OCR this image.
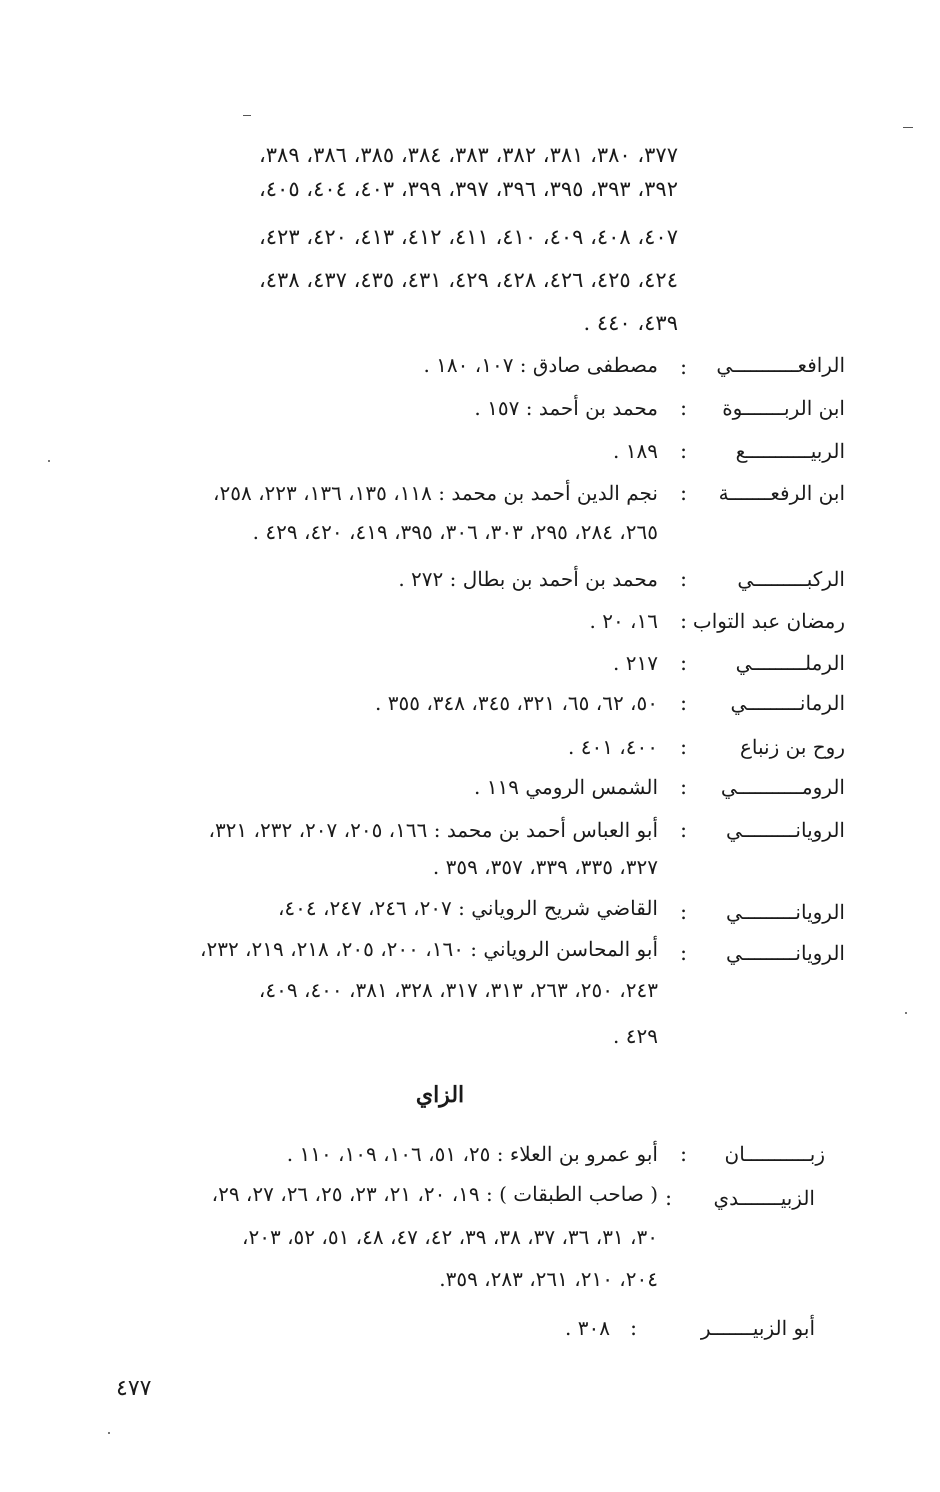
٣٧٧، ٣٨٠، ٣٨١، ٣٨٢، ٣٨٣، ٣٨٤، ٣٨٥، ٣٨٦، ٣٨٩،
٣٩٢، ٣٩٣، ٣٩٥، ٣٩٦، ٣٩٧، ٣٩٩، ٤٠٣، ٤٠٤، ٤٠٥،
٤٠٧، ٤٠٨، ٤٠٩، ٤١٠، ٤١١، ٤١٢، ٤١٣، ٤٢٠، ٤٢٣،
٤٢٤، ٤٢٥، ٤٢٦، ٤٢٨، ٤٢٩، ٤٣١، ٤٣٥، ٤٣٧، ٤٣٨،
٤٣٩، ٤٤٠ .
الرافعـــــــــــي
:
مصطفى صادق : ١٠٧، ١٨٠ .
ابن الربـــــــوة
:
محمد بن أحمد : ١٥٧ .
الربيـــــــــــع
:
١٨٩ .
ابن الرفعـــــــة
:
نجم الدين أحمد بن محمد : ١١٨، ١٣٥، ١٣٦، ٢٢٣، ٢٥٨،
٢٦٥، ٢٨٤، ٢٩٥، ٣٠٣، ٣٠٦، ٣٩٥، ٤١٩، ٤٢٠، ٤٢٩ .
الركبـــــــــي
:
محمد بن أحمد بن بطال : ٢٧٢ .
رمضان عبد التواب
:
١٦، ٢٠ .
الرملـــــــــي
:
٢١٧ .
الرمانـــــــــي
:
٥٠، ٦٢، ٦٥، ٣٢١، ٣٤٥، ٣٤٨، ٣٥٥ .
روح بن زنباع
:
٤٠٠، ٤٠١ .
الرومـــــــــــي
:
الشمس الرومي ١١٩ .
الرويانـــــــــي
:
أبو العباس أحمد بن محمد : ١٦٦، ٢٠٥، ٢٠٧، ٢٣٢، ٣٢١،
٣٢٧، ٣٣٥، ٣٣٩، ٣٥٧، ٣٥٩ .
الرويانـــــــــي
:
القاضي شريح الروياني : ٢٠٧، ٢٤٦، ٢٤٧، ٤٠٤،
الرويانـــــــــي
:
أبو المحاسن الروياني : ١٦٠، ٢٠٠، ٢٠٥، ٢١٨، ٢١٩، ٢٣٢،
٢٤٣، ٢٥٠، ٢٦٣، ٣١٣، ٣١٧، ٣٢٨، ٣٨١، ٤٠٠، ٤٠٩،
٤٢٩ .
الزاي
زبـــــــــــان
:
أبو عمرو بن العلاء : ٢٥، ٥١، ١٠٦، ١٠٩، ١١٠ .
الزبيـــــــدي
:
( صاحب الطبقات ) : ١٩، ٢٠، ٢١، ٢٣، ٢٥، ٢٦، ٢٧، ٢٩،
٣٠، ٣١، ٣٦، ٣٧، ٣٨، ٣٩، ٤٢، ٤٧، ٤٨، ٥١، ٥٢، ٢٠٣،
٢٠٤، ٢١٠، ٢٦١، ٢٨٣، ٣٥٩.
أبو الزبيـــــــر
:
٣٠٨ .
٤٧٧
